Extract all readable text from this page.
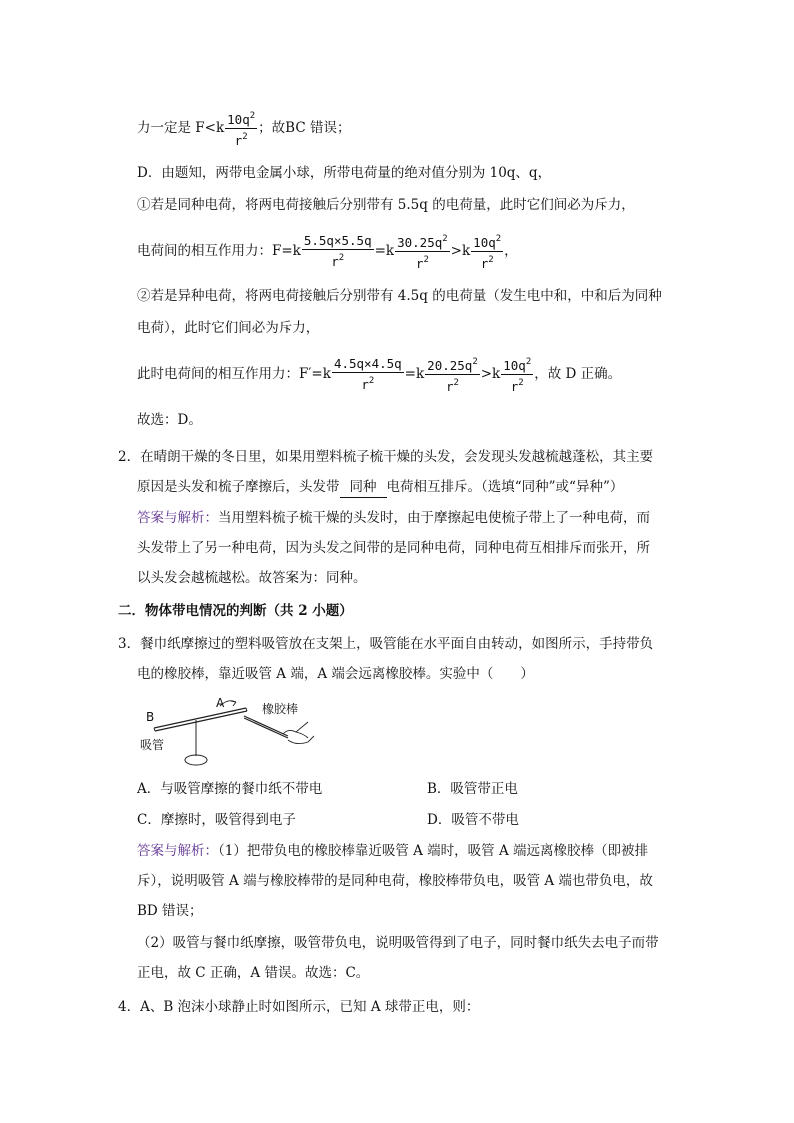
力一定是 $F<k \frac{10q^2}{r^2}$ ；故BC 错误；
D．由题知，两带电金属小球，所带电荷量的绝对值分别为 10q、q，
①若是同种电荷，将两电荷接触后分别带有 5.5q 的电荷量，此时它们间必为斥力，
电荷间的相互作用力：$F=k \frac{5.5q\times 5.5q}{r^2} =k \frac{30.25q^2}{r^2} >k \frac{10q^2}{r^2}$ ，
②若是异种电荷，将两电荷接触后分别带有 4.5q 的电荷量（发生电中和，中和后为同种
电荷），此时它们间必为斥力，
此时电荷间的相互作用力：$F'=k \frac{4.5q\times 4.5q}{r^2} =k \frac{20.25q^2}{r^2} >k \frac{10q^2}{r^2}$ ，故 D 正确。
故选：D。
2．在晴朗干燥的冬日里，如果用塑料梳子梳干燥的头发，会发现头发越梳越蓬松，其主要
原因是头发和梳子摩擦后，头发带 同种 电荷相互排斥。（选填“同种”或“异种”）
答案与解析：当用塑料梳子梳干燥的头发时，由于摩擦起电使梳子带上了一种电荷，而
头发带上了另一种电荷，因为头发之间带的是同种电荷，同种电荷互相排斥而张开，所
以头发会越梳越松。故答案为：同种。
二．物体带电情况的判断（共 2 小题）
3．餐巾纸摩擦过的塑料吸管放在支架上，吸管能在水平面自由转动，如图所示，手持带负
电的橡胶棒，靠近吸管 A 端，A 端会远离橡胶棒。实验中（　　）
B
A	橡胶棒
吸管
A．与吸管摩擦的餐巾纸不带电	B．吸管带正电
C．摩擦时，吸管得到电子	D．吸管不带电
答案与解析：（1）把带负电的橡胶棒靠近吸管 A 端时，吸管 A 端远离橡胶棒（即被排
斥），说明吸管 A 端与橡胶棒带的是同种电荷，橡胶棒带负电，吸管 A 端也带负电，故
BD 错误；
（2）吸管与餐巾纸摩擦，吸管带负电，说明吸管得到了电子，同时餐巾纸失去电子而带
正电，故 C 正确，A 错误。故选：C。
4．A、B 泡沫小球静止时如图所示，已知 A 球带正电，则：
